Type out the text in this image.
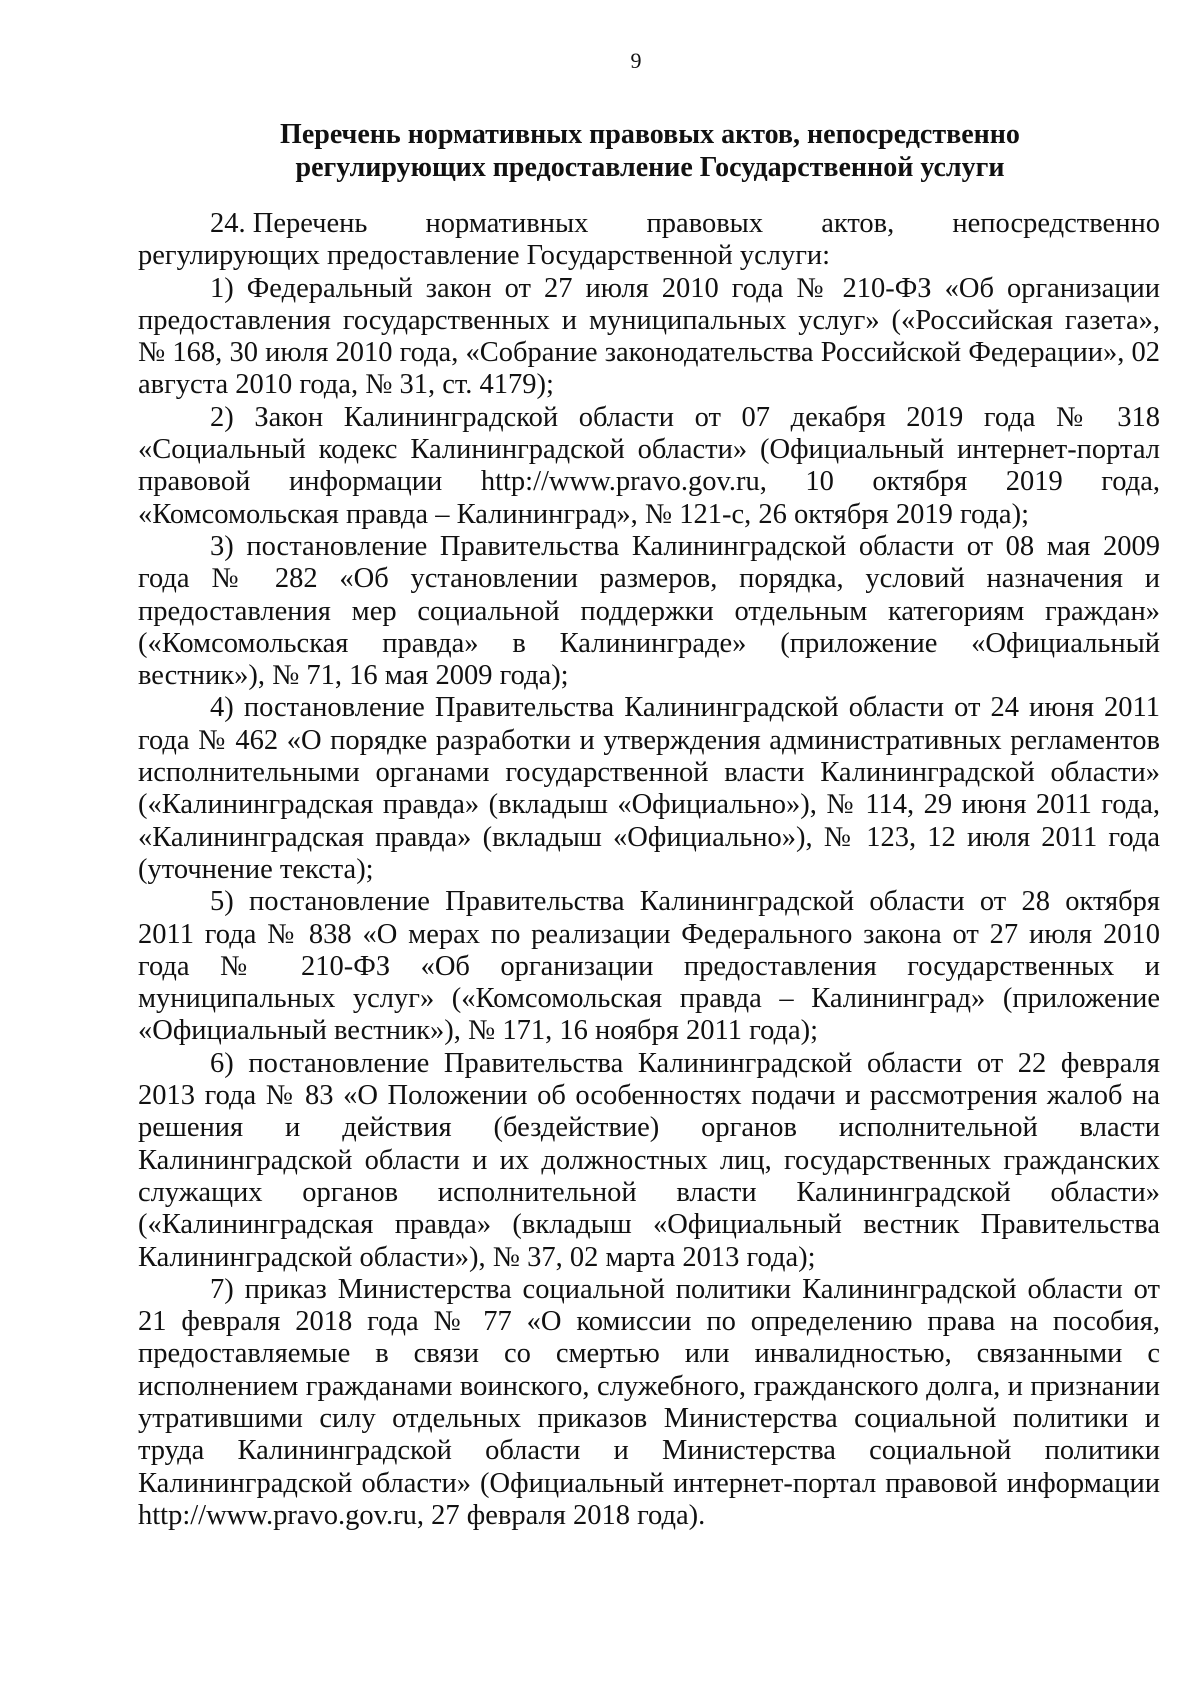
9
Перечень нормативных правовых актов, непосредственно
регулирующих предоставление Государственной услуги
24. Перечень нормативных правовых актов, непосредственно
регулирующих предоставление Государственной услуги:

1) Федеральный закон от 27 июля 2010 года № 210-ФЗ «Об организации предоставления государственных и муниципальных услуг» («Российская газета», № 168, 30 июля 2010 года, «Собрание законодательства Российской Федерации», 02 августа 2010 года, № 31, ст. 4179);

2) Закон Калининградской области от 07 декабря 2019 года № 318 «Социальный кодекс Калининградской области» (Официальный интернет-портал правовой информации http://www.pravo.gov.ru, 10 октября 2019 года, «Комсомольская правда – Калининград», № 121-с, 26 октября 2019 года);

3) постановление Правительства Калининградской области от 08 мая 2009 года № 282 «Об установлении размеров, порядка, условий назначения и предоставления мер социальной поддержки отдельным категориям граждан» («Комсомольская правда» в Калининграде» (приложение «Официальный вестник»), № 71, 16 мая 2009 года);

4) постановление Правительства Калининградской области от 24 июня 2011 года № 462 «О порядке разработки и утверждения административных регламентов исполнительными органами государственной власти Калининградской области» («Калининградская правда» (вкладыш «Официально»), № 114, 29 июня 2011 года, «Калининградская правда» (вкладыш «Официально»), № 123, 12 июля 2011 года (уточнение текста);

5) постановление Правительства Калининградской области от 28 октября 2011 года № 838 «О мерах по реализации Федерального закона от 27 июля 2010 года № 210-ФЗ «Об организации предоставления государственных и муниципальных услуг» («Комсомольская правда – Калининград» (приложение «Официальный вестник»), № 171, 16 ноября 2011 года);

6) постановление Правительства Калининградской области от 22 февраля 2013 года № 83 «О Положении об особенностях подачи и рассмотрения жалоб на решения и действия (бездействие) органов исполнительной власти Калининградской области и их должностных лиц, государственных гражданских служащих органов исполнительной власти Калининградской области» («Калининградская правда» (вкладыш «Официальный вестник Правительства Калининградской области»), № 37, 02 марта 2013 года);

7) приказ Министерства социальной политики Калининградской области от 21 февраля 2018 года № 77 «О комиссии по определению права на пособия, предоставляемые в связи со смертью или инвалидностью, связанными с исполнением гражданами воинского, служебного, гражданского долга, и признании утратившими силу отдельных приказов Министерства социальной политики и труда Калининградской области и Министерства социальной политики Калининградской области» (Официальный интернет-портал правовой информации http://www.pravo.gov.ru, 27 февраля 2018 года).
